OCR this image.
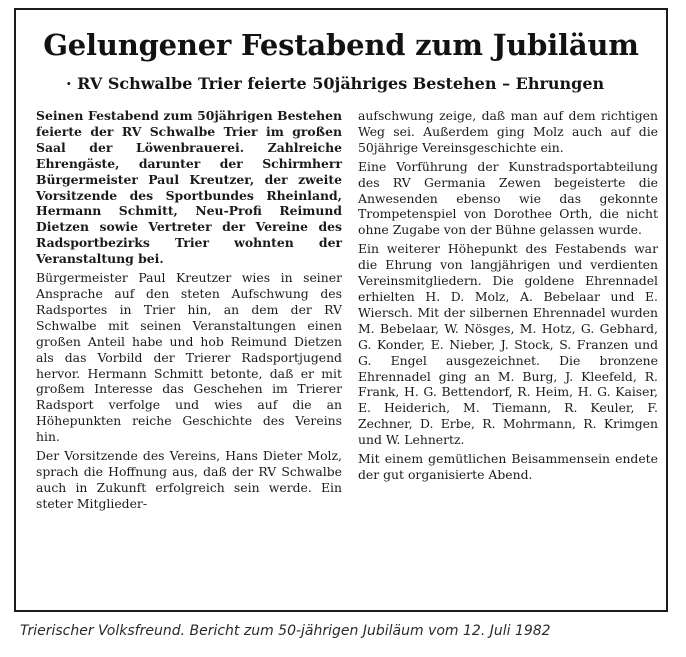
Gelungener Festabend zum Jubiläum
· RV Schwalbe Trier feierte 50jähriges Bestehen – Ehrungen

Seinen Festabend zum 50jährigen Bestehen feierte der RV Schwalbe Trier im großen Saal der Löwenbrauerei. Zahlreiche Ehrengäste, darunter der Schirmherr Bürgermeister Paul Kreutzer, der zweite Vorsitzende des Sportbundes Rheinland, Hermann Schmitt, Neu-Profi Reimund Dietzen sowie Vertreter der Vereine des Radsportbezirks Trier wohnten der Veranstaltung bei.

Bürgermeister Paul Kreutzer wies in seiner Ansprache auf den steten Aufschwung des Radsportes in Trier hin, an dem der RV Schwalbe mit seinen Veranstaltungen einen großen Anteil habe und hob Reimund Dietzen als das Vorbild der Trierer Radsportjugend hervor. Hermann Schmitt betonte, daß er mit großem Interesse das Geschehen im Trierer Radsport verfolge und wies auf die an Höhepunkten reiche Geschichte des Vereins hin.

Der Vorsitzende des Vereins, Hans Dieter Molz, sprach die Hoffnung aus, daß der RV Schwalbe auch in Zukunft erfolgreich sein werde. Ein steter Mitglieder-

aufschwung zeige, daß man auf dem richtigen Weg sei. Außerdem ging Molz auch auf die 50jährige Vereinsgeschichte ein.

Eine Vorführung der Kunstradsportabteilung des RV Germania Zewen begeisterte die Anwesenden ebenso wie das gekonnte Trompetenspiel von Dorothee Orth, die nicht ohne Zugabe von der Bühne gelassen wurde.

Ein weiterer Höhepunkt des Festabends war die Ehrung von langjährigen und verdienten Vereinsmitgliedern. Die goldene Ehrennadel erhielten H. D. Molz, A. Bebelaar und E. Wiersch. Mit der silbernen Ehrennadel wurden M. Bebelaar, W. Nösges, M. Hotz, G. Gebhard, G. Konder, E. Nieber, J. Stock, S. Franzen und G. Engel ausgezeichnet. Die bronzene Ehrennadel ging an M. Burg, J. Kleefeld, R. Frank, H. G. Bettendorf, R. Heim, H. G. Kaiser, E. Heiderich, M. Tiemann, R. Keuler, F. Zechner, D. Erbe, R. Mohrmann, R. Krimgen und W. Lehnertz.

Mit einem gemütlichen Beisammensein endete der gut organisierte Abend.

Trierischer Volksfreund. Bericht zum 50-jährigen Jubiläum vom 12. Juli 1982
